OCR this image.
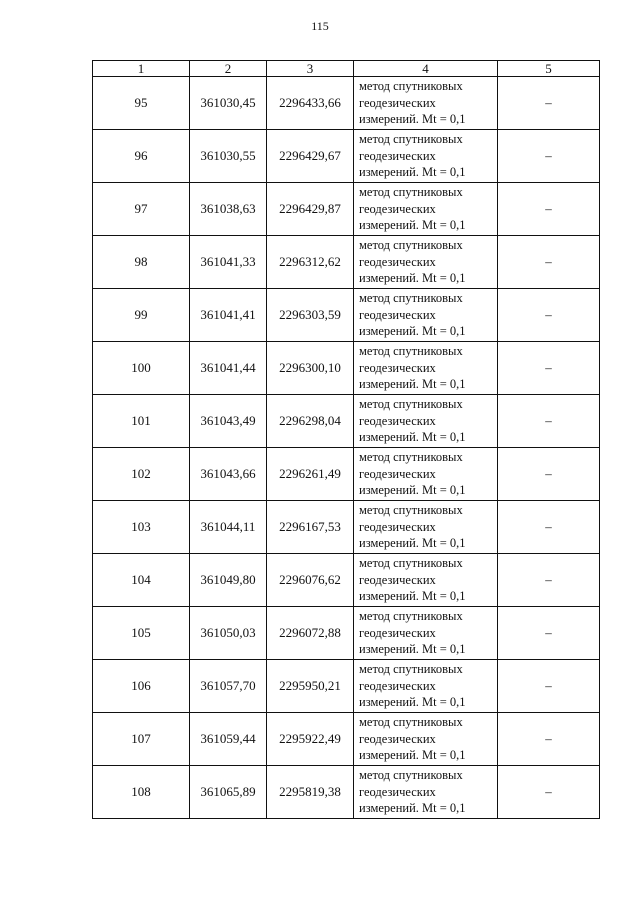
115
1	2	3	4	5
95	361030,45	2296433,66	метод спутниковых
геодезических
измерений. Mt = 0,1	–
96	361030,55	2296429,67	метод спутниковых
геодезических
измерений. Mt = 0,1	–
97	361038,63	2296429,87	метод спутниковых
геодезических
измерений. Mt = 0,1	–
98	361041,33	2296312,62	метод спутниковых
геодезических
измерений. Mt = 0,1	–
99	361041,41	2296303,59	метод спутниковых
геодезических
измерений. Mt = 0,1	–
100	361041,44	2296300,10	метод спутниковых
геодезических
измерений. Mt = 0,1	–
101	361043,49	2296298,04	метод спутниковых
геодезических
измерений. Mt = 0,1	–
102	361043,66	2296261,49	метод спутниковых
геодезических
измерений. Mt = 0,1	–
103	361044,11	2296167,53	метод спутниковых
геодезических
измерений. Mt = 0,1	–
104	361049,80	2296076,62	метод спутниковых
геодезических
измерений. Mt = 0,1	–
105	361050,03	2296072,88	метод спутниковых
геодезических
измерений. Mt = 0,1	–
106	361057,70	2295950,21	метод спутниковых
геодезических
измерений. Mt = 0,1	–
107	361059,44	2295922,49	метод спутниковых
геодезических
измерений. Mt = 0,1	–
108	361065,89	2295819,38	метод спутниковых
геодезических
измерений. Mt = 0,1	–
